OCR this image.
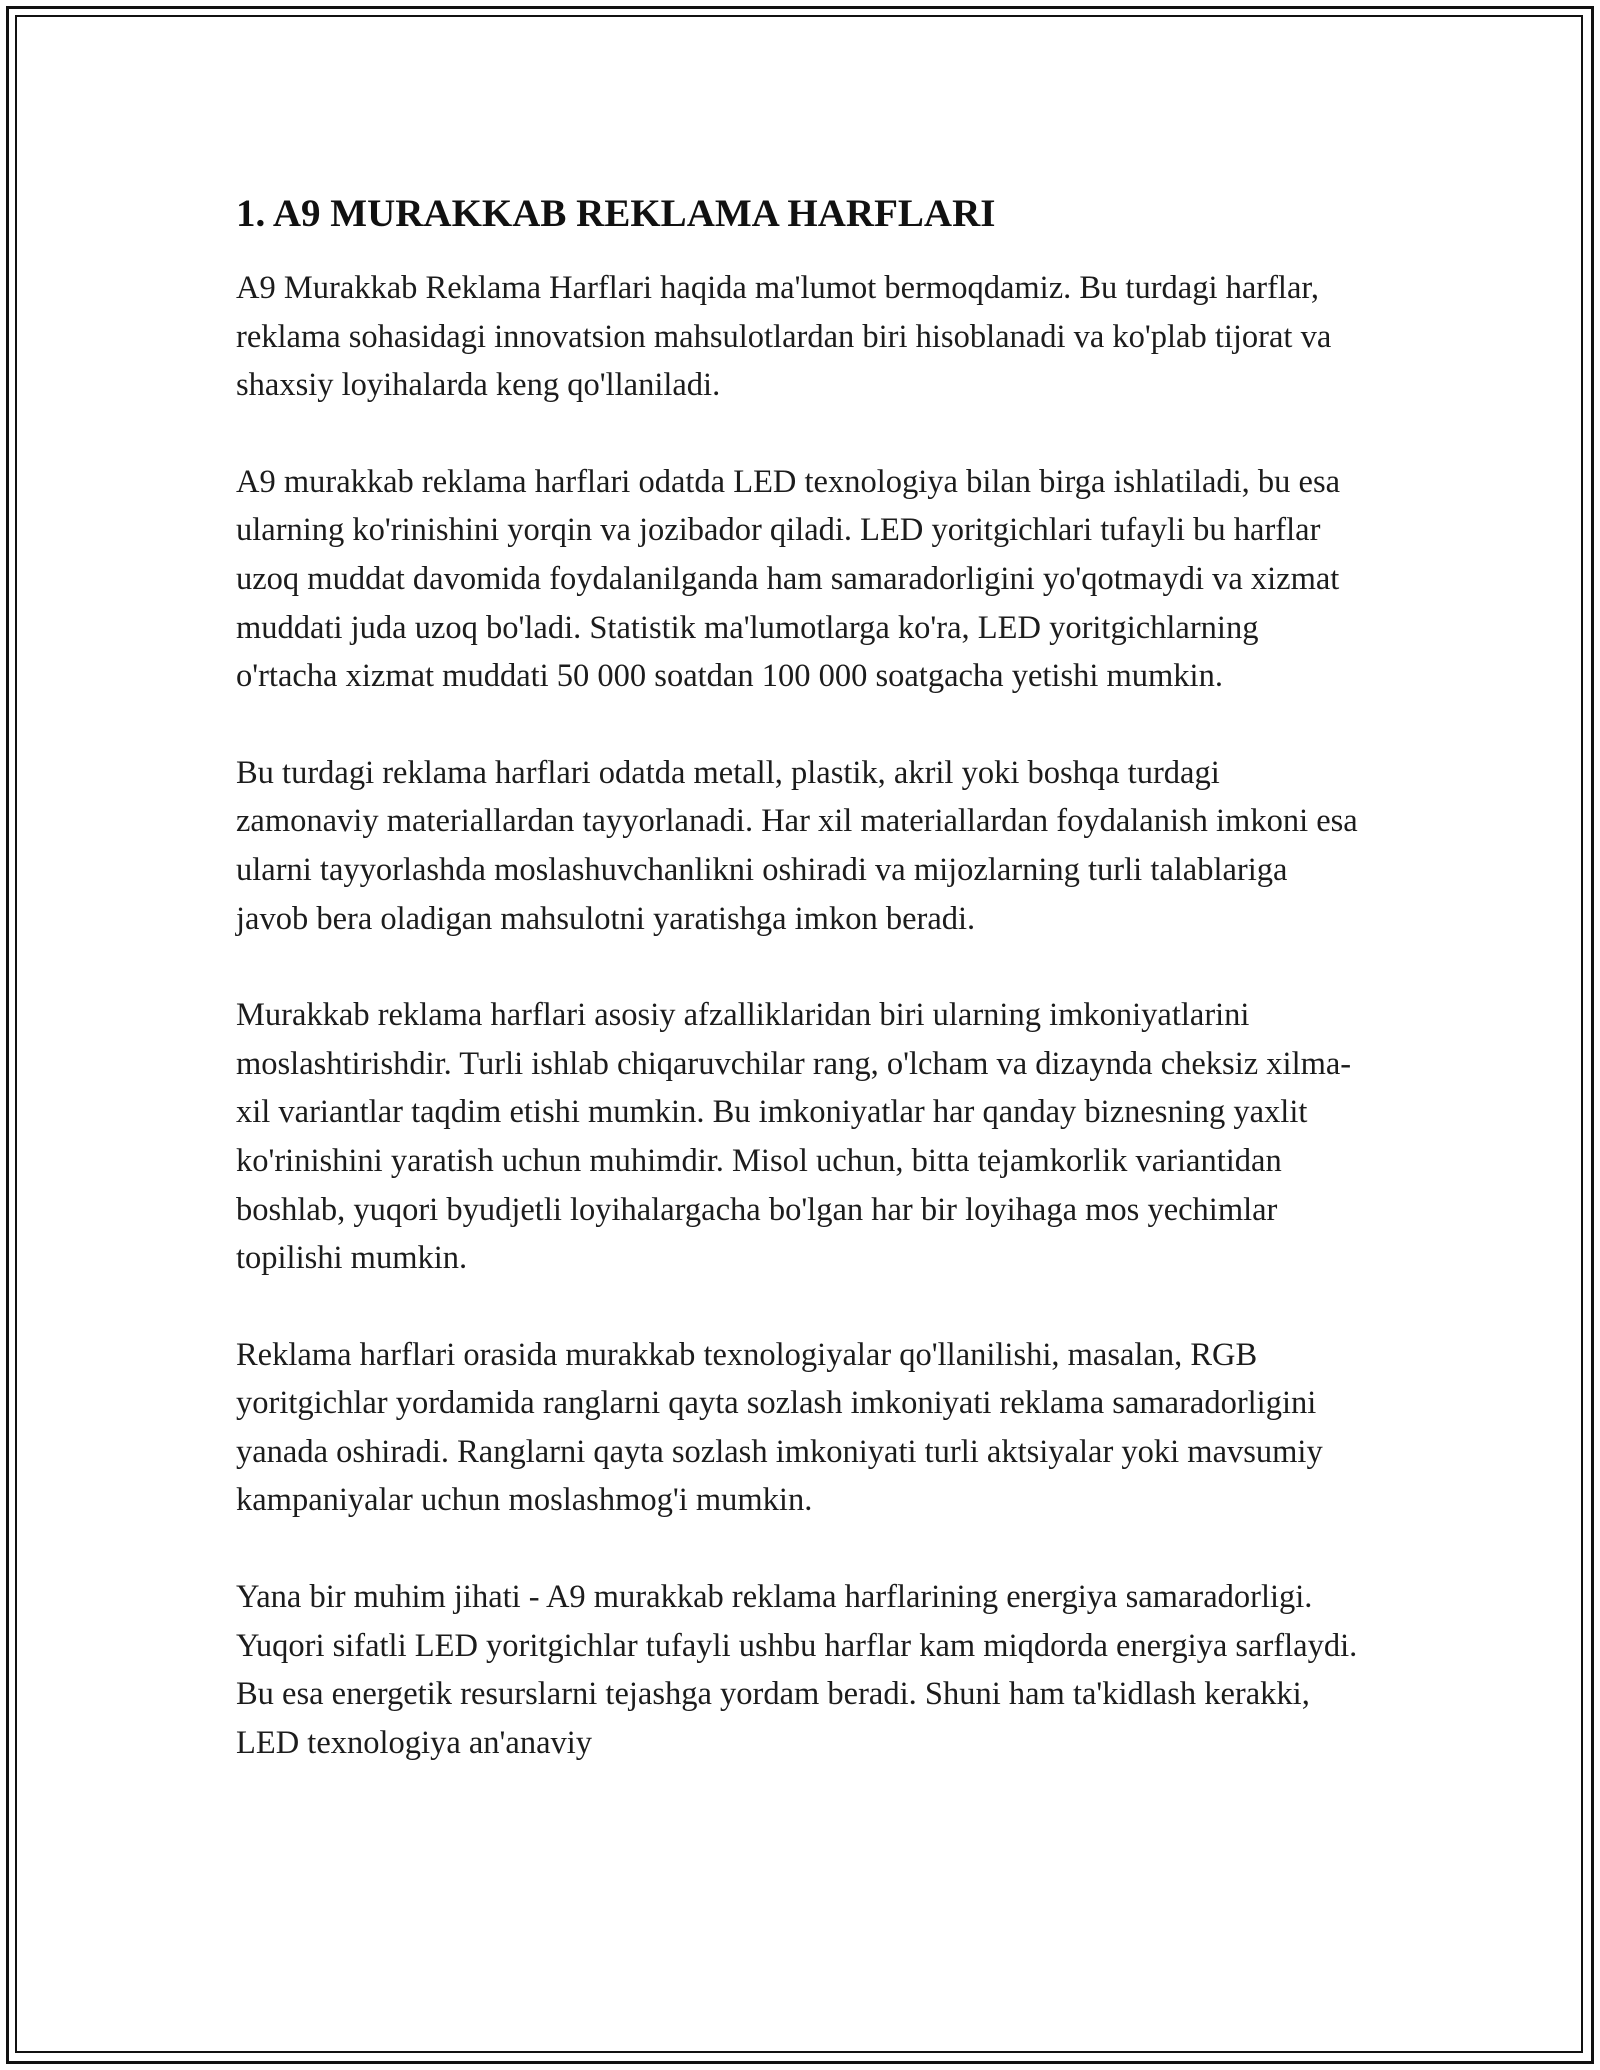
1. A9 MURAKKAB REKLAMA HARFLARI

A9 Murakkab Reklama Harflari haqida ma'lumot bermoqdamiz. Bu turdagi harflar, reklama sohasidagi innovatsion mahsulotlardan biri hisoblanadi va ko'plab tijorat va shaxsiy loyihalarda keng qo'llaniladi.

A9 murakkab reklama harflari odatda LED texnologiya bilan birga ishlatiladi, bu esa ularning ko'rinishini yorqin va jozibador qiladi. LED yoritgichlari tufayli bu harflar uzoq muddat davomida foydalanilganda ham samaradorligini yo'qotmaydi va xizmat muddati juda uzoq bo'ladi. Statistik ma'lumotlarga ko'ra, LED yoritgichlarning o'rtacha xizmat muddati 50 000 soatdan 100 000 soatgacha yetishi mumkin.

Bu turdagi reklama harflari odatda metall, plastik, akril yoki boshqa turdagi zamonaviy materiallardan tayyorlanadi. Har xil materiallardan foydalanish imkoni esa ularni tayyorlashda moslashuvchanlikni oshiradi va mijozlarning turli talablariga javob bera oladigan mahsulotni yaratishga imkon beradi.

Murakkab reklama harflari asosiy afzalliklaridan biri ularning imkoniyatlarini moslashtirishdir. Turli ishlab chiqaruvchilar rang, o'lcham va dizaynda cheksiz xilma-xil variantlar taqdim etishi mumkin. Bu imkoniyatlar har qanday biznesning yaxlit ko'rinishini yaratish uchun muhimdir. Misol uchun, bitta tejamkorlik variantidan boshlab, yuqori byudjetli loyihalargacha bo'lgan har bir loyihaga mos yechimlar topilishi mumkin.

Reklama harflari orasida murakkab texnologiyalar qo'llanilishi, masalan, RGB yoritgichlar yordamida ranglarni qayta sozlash imkoniyati reklama samaradorligini yanada oshiradi. Ranglarni qayta sozlash imkoniyati turli aktsiyalar yoki mavsumiy kampaniyalar uchun moslashmog'i mumkin.

Yana bir muhim jihati - A9 murakkab reklama harflarining energiya samaradorligi. Yuqori sifatli LED yoritgichlar tufayli ushbu harflar kam miqdorda energiya sarflaydi. Bu esa energetik resurslarni tejashga yordam beradi. Shuni ham ta'kidlash kerakki, LED texnologiya an'anaviy
